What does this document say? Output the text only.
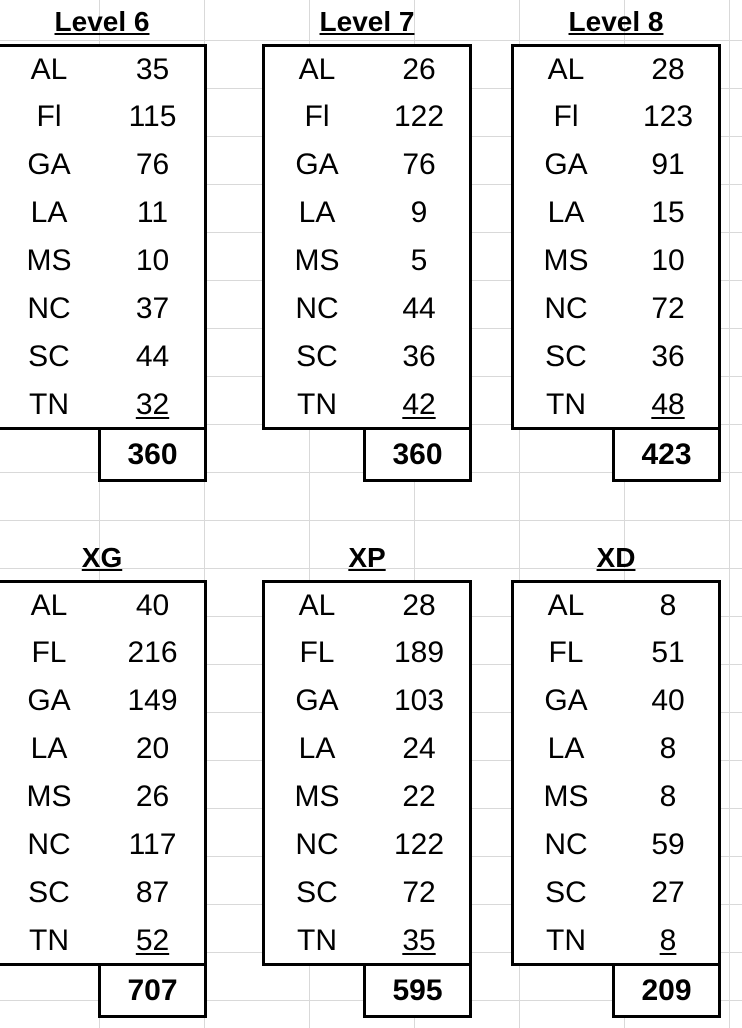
Level 6
AL	35
Fl	115
GA	76
LA	11
MS	10
NC	37
SC	44
TN	32
360
Level 7
AL	26
Fl	122
GA	76
LA	9
MS	5
NC	44
SC	36
TN	42
360
Level 8
AL	28
Fl	123
GA	91
LA	15
MS	10
NC	72
SC	36
TN	48
423
XG
AL	40
FL	216
GA	149
LA	20
MS	26
NC	117
SC	87
TN	52
707
XP
AL	28
FL	189
GA	103
LA	24
MS	22
NC	122
SC	72
TN	35
595
XD
AL	8
FL	51
GA	40
LA	8
MS	8
NC	59
SC	27
TN	8
209
